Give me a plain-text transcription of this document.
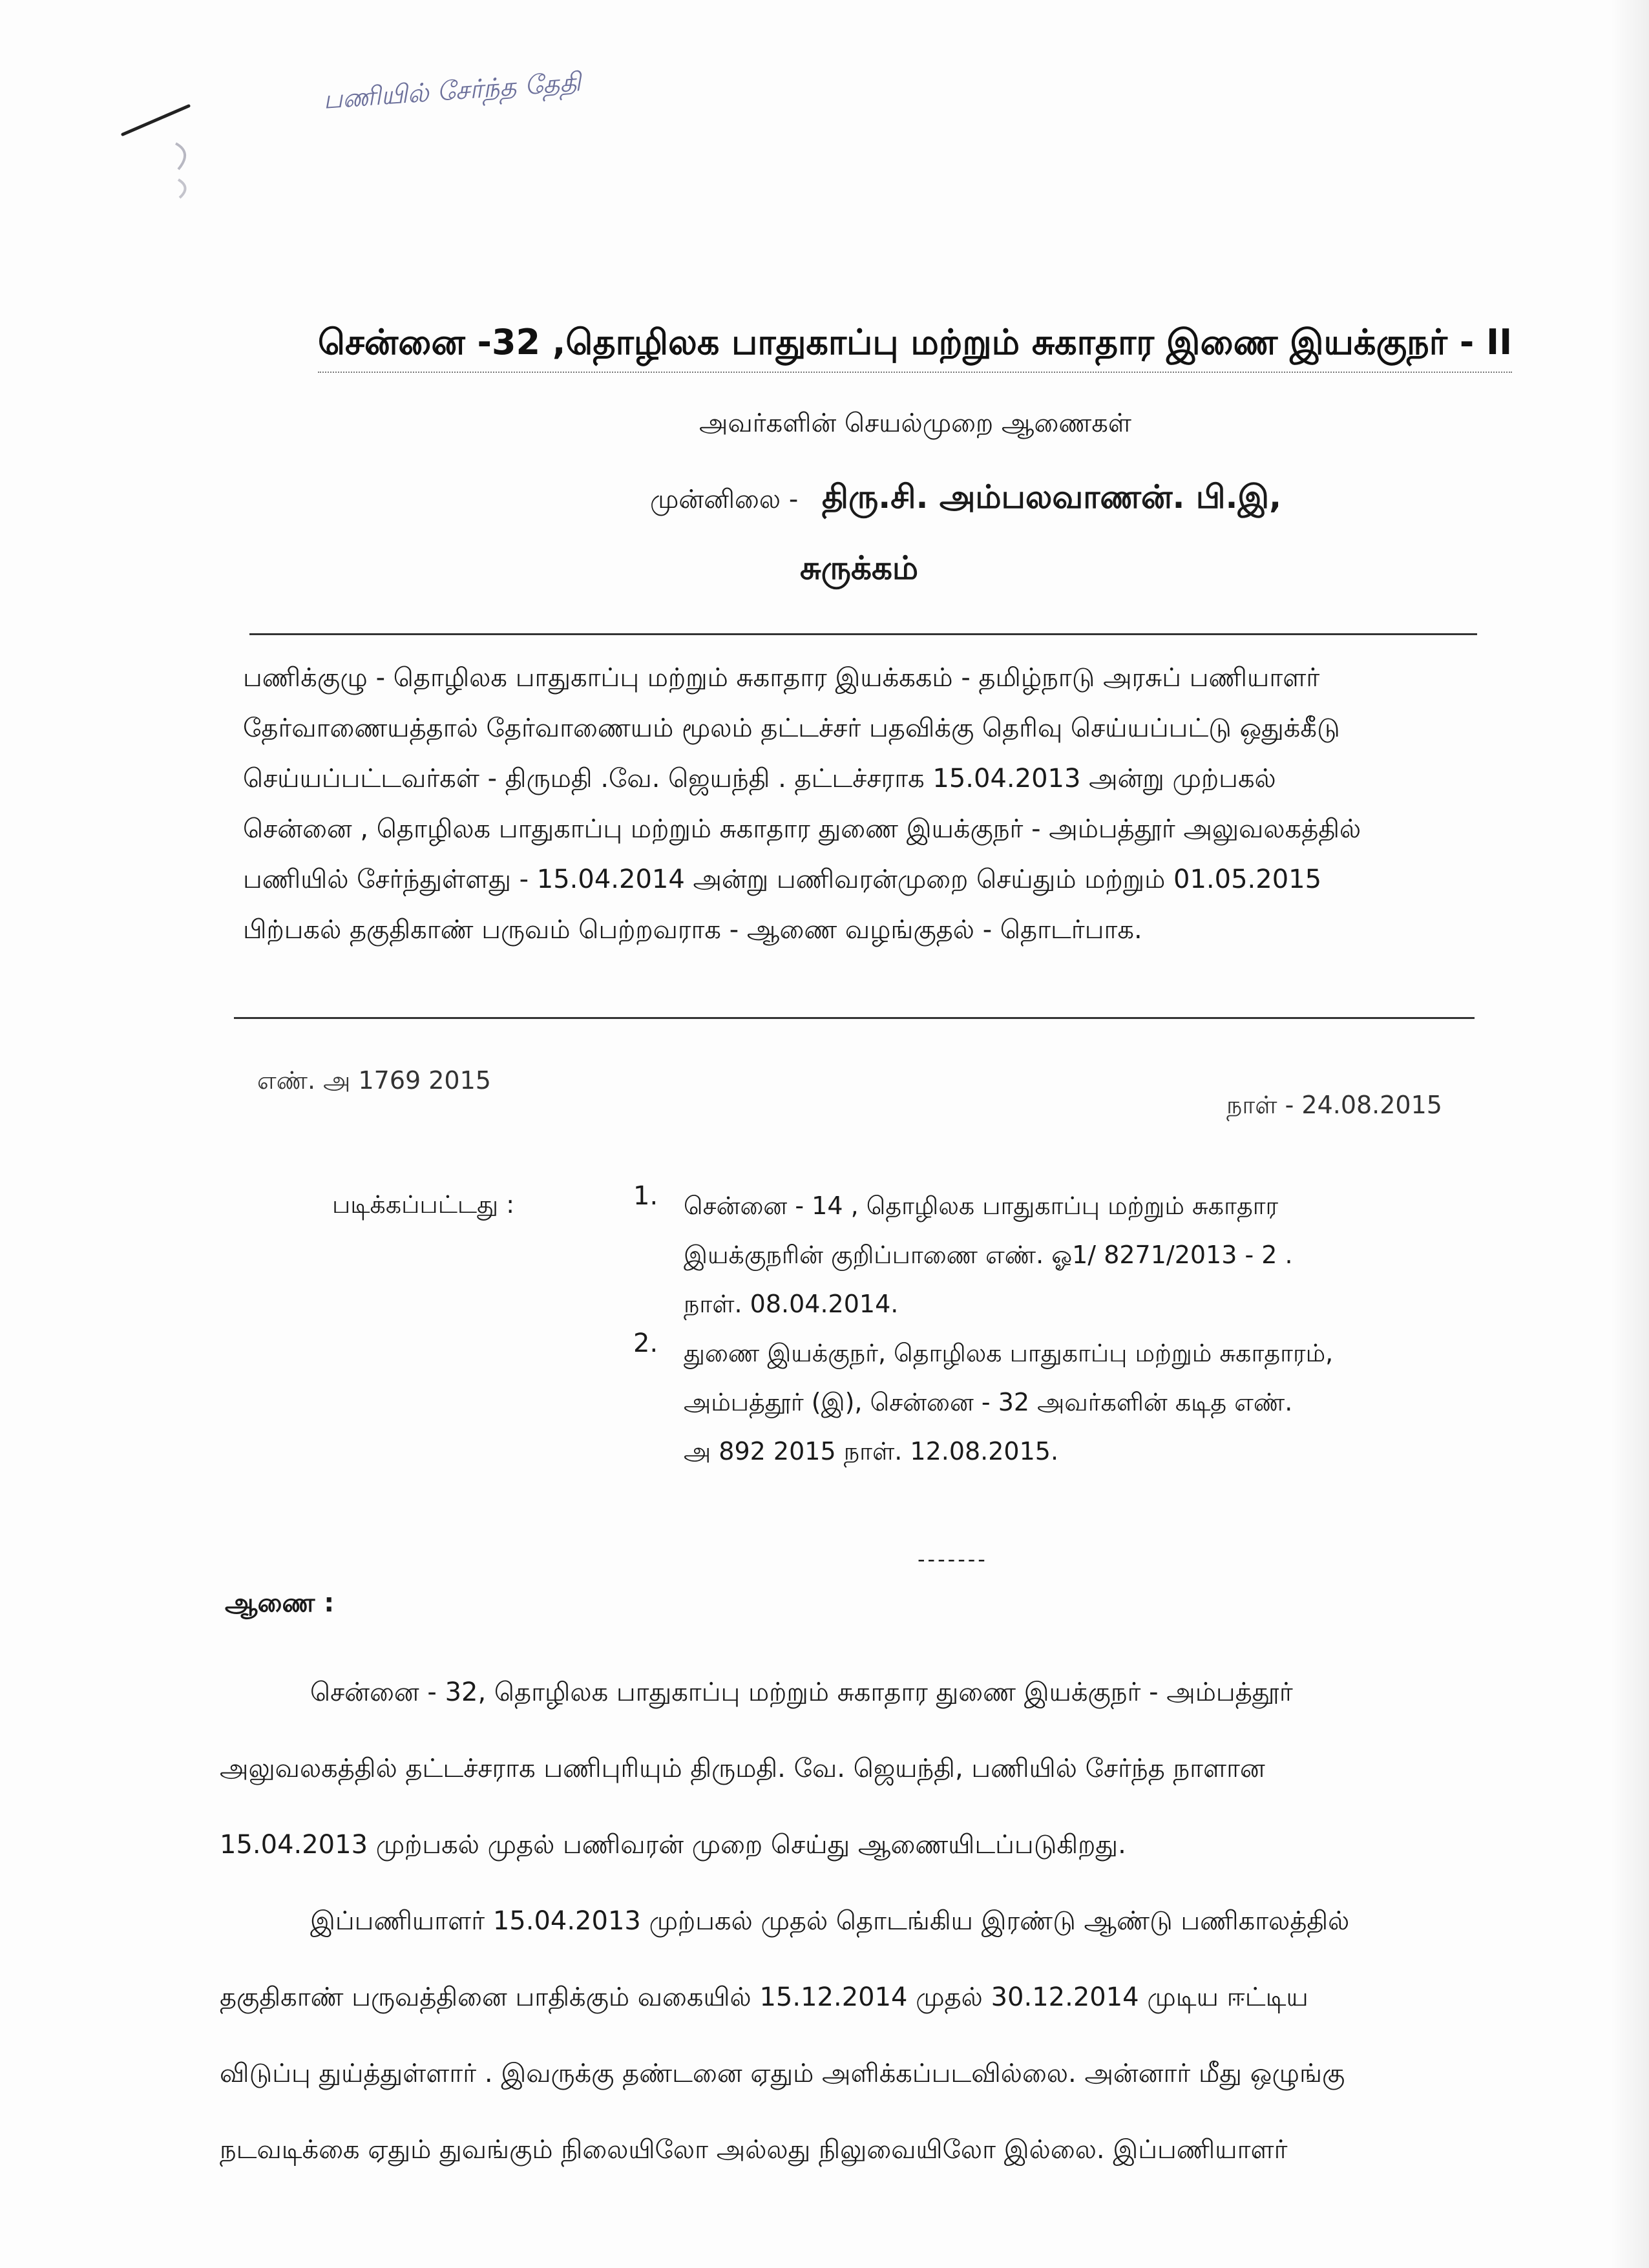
பணியில் சேர்ந்த தேதி
சென்னை -32 ,தொழிலக பாதுகாப்பு மற்றும் சுகாதார இணை இயக்குநர் - II
அவர்களின் செயல்முறை ஆணைகள்
முன்னிலை - திரு.சி. அம்பலவாணன். பி.இ,
சுருக்கம்
பணிக்குழு - தொழிலக பாதுகாப்பு மற்றும் சுகாதார இயக்ககம் - தமிழ்நாடு அரசுப் பணியாளர்
தேர்வாணையத்தால் தேர்வாணையம் மூலம் தட்டச்சர் பதவிக்கு தெரிவு செய்யப்பட்டு ஒதுக்கீடு
செய்யப்பட்டவர்கள் - திருமதி .வே. ஜெயந்தி . தட்டச்சராக 15.04.2013 அன்று முற்பகல்
சென்னை , தொழிலக பாதுகாப்பு மற்றும் சுகாதார துணை இயக்குநர் - அம்பத்தூர் அலுவலகத்தில்
பணியில் சேர்ந்துள்ளது - 15.04.2014 அன்று பணிவரன்முறை செய்தும் மற்றும் 01.05.2015
பிற்பகல் தகுதிகாண் பருவம் பெற்றவராக - ஆணை வழங்குதல் - தொடர்பாக.
எண். அ 1769 2015
நாள் - 24.08.2015
படிக்கப்பட்டது :	1.	சென்னை - 14 , தொழிலக பாதுகாப்பு மற்றும் சுகாதார
இயக்குநரின் குறிப்பாணை எண். ஓ1/ 8271/2013 - 2 .
நாள். 08.04.2014.
2.	துணை இயக்குநர், தொழிலக பாதுகாப்பு மற்றும் சுகாதாரம்,
அம்பத்தூர் (இ), சென்னை - 32 அவர்களின் கடித எண்.
அ 892 2015 நாள். 12.08.2015.
-------
ஆணை :
சென்னை - 32, தொழிலக பாதுகாப்பு மற்றும் சுகாதார துணை இயக்குநர் - அம்பத்தூர்
அலுவலகத்தில் தட்டச்சராக பணிபுரியும் திருமதி. வே. ஜெயந்தி, பணியில் சேர்ந்த நாளான
15.04.2013 முற்பகல் முதல் பணிவரன் முறை செய்து ஆணையிடப்படுகிறது.
இப்பணியாளர் 15.04.2013 முற்பகல் முதல் தொடங்கிய இரண்டு ஆண்டு பணிகாலத்தில்
தகுதிகாண் பருவத்தினை பாதிக்கும் வகையில் 15.12.2014 முதல் 30.12.2014 முடிய ஈட்டிய
விடுப்பு துய்த்துள்ளார் . இவருக்கு தண்டனை ஏதும் அளிக்கப்படவில்லை. அன்னார் மீது ஒழுங்கு
நடவடிக்கை ஏதும் துவங்கும் நிலையிலோ அல்லது நிலுவையிலோ இல்லை. இப்பணியாளர்
